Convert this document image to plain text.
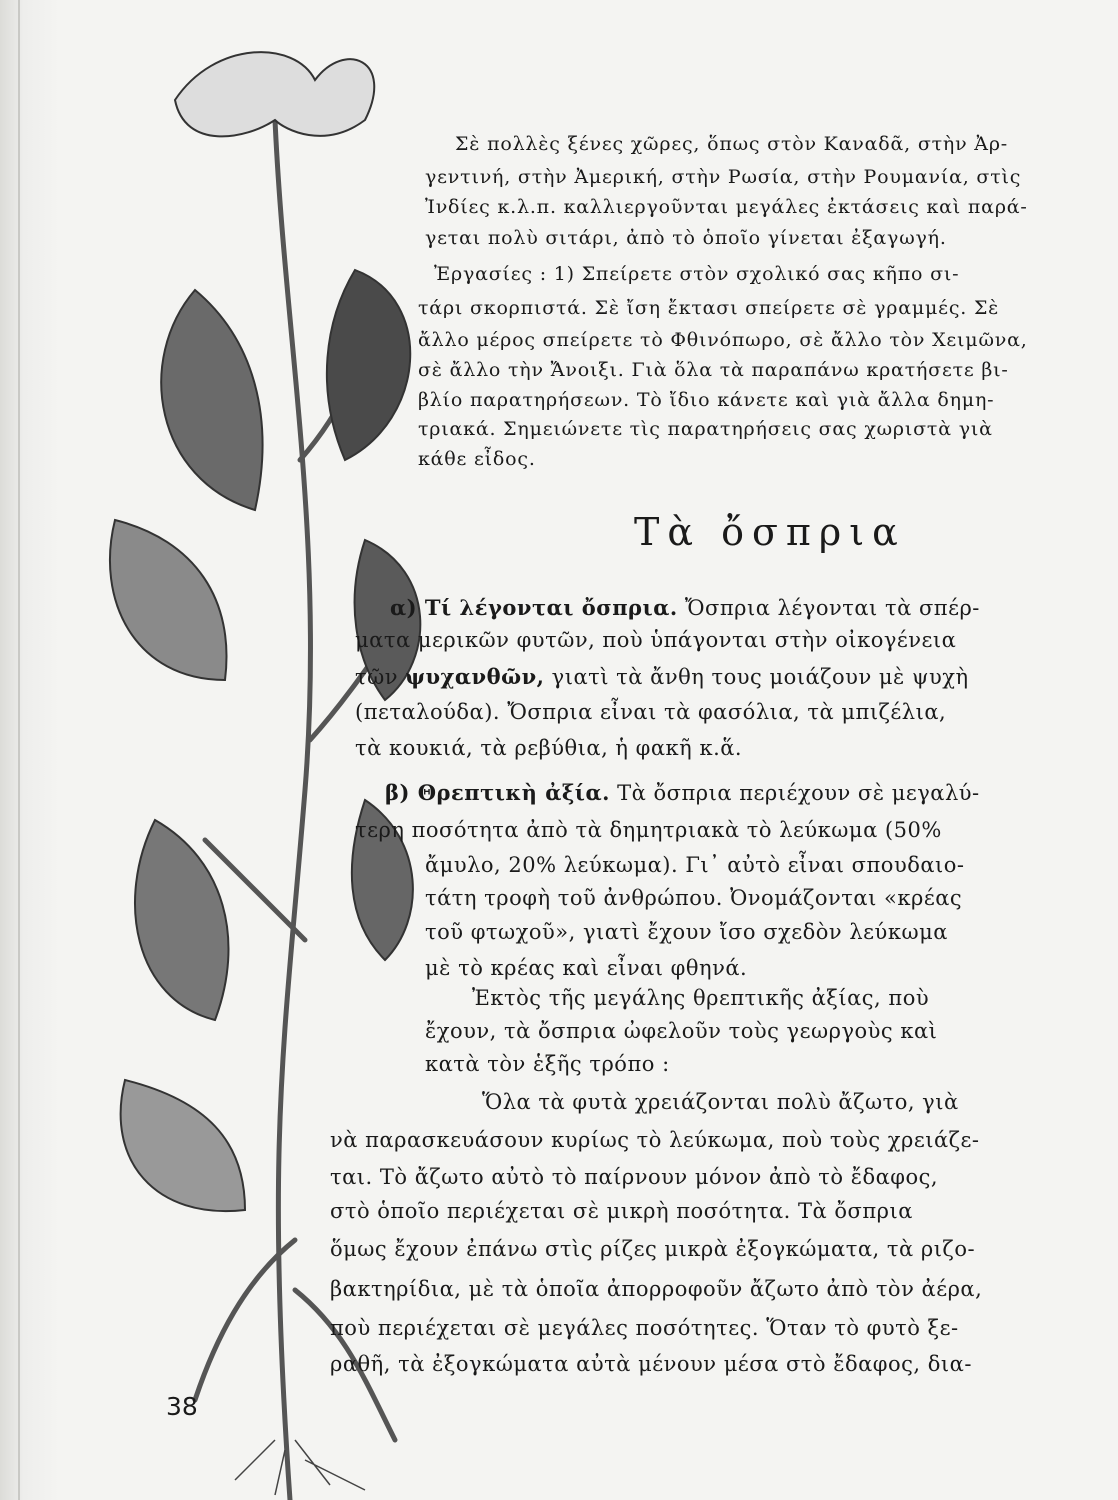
Σὲ πολλὲς ξένες χῶρες, ὅπως στὸν Καναδᾶ, στὴν Ἀρ-
γεντινή, στὴν Ἀμερική, στὴν Ρωσία, στὴν Ρουμανία, στὶς
Ἰνδίες κ.λ.π. καλλιεργοῦνται μεγάλες ἐκτάσεις καὶ παρά-
γεται πολὺ σιτάρι, ἀπὸ τὸ ὁποῖο γίνεται ἐξαγωγή.
Ἐργασίες : 1) Σπείρετε στὸν σχολικό σας κῆπο σι-
τάρι σκορπιστά. Σὲ ἴση ἔκτασι σπείρετε σὲ γραμμές. Σὲ
ἄλλο μέρος σπείρετε τὸ Φθινόπωρο, σὲ ἄλλο τὸν Χειμῶνα,
σὲ ἄλλο τὴν Ἄνοιξι. Γιὰ ὅλα τὰ παραπάνω κρατήσετε βι-
βλίο παρατηρήσεων. Τὸ ἴδιο κάνετε καὶ γιὰ ἄλλα δημη-
τριακά. Σημειώνετε τὶς παρατηρήσεις σας χωριστὰ γιὰ
κάθε εἶδος.
Τὰ ὄσπρια
α) Τί λέγονται ὄσπρια. Ὄσπρια λέγονται τὰ σπέρ-
ματα μερικῶν φυτῶν, ποὺ ὑπάγονται στὴν οἰκογένεια
τῶν ψυχανθῶν, γιατὶ τὰ ἄνθη τους μοιάζουν μὲ ψυχὴ
(πεταλούδα). Ὄσπρια εἶναι τὰ φασόλια, τὰ μπιζέλια,
τὰ κουκιά, τὰ ρεβύθια, ἡ φακῆ κ.ἅ.
β) Θρεπτικὴ ἀξία. Τὰ ὄσπρια περιέχουν σὲ μεγαλύ-
τερη ποσότητα ἀπὸ τὰ δημητριακὰ τὸ λεύκωμα (50%
ἄμυλο, 20% λεύκωμα). Γι᾽ αὐτὸ εἶναι σπουδαιο-
τάτη τροφὴ τοῦ ἀνθρώπου. Ὀνομάζονται «κρέας
τοῦ φτωχοῦ», γιατὶ ἔχουν ἴσο σχεδὸν λεύκωμα
μὲ τὸ κρέας καὶ εἶναι φθηνά.
Ἐκτὸς τῆς μεγάλης θρεπτικῆς ἀξίας, ποὺ
ἔχουν, τὰ ὄσπρια ὠφελοῦν τοὺς γεωργοὺς καὶ
κατὰ τὸν ἑξῆς τρόπο :
Ὅλα τὰ φυτὰ χρειάζονται πολὺ ἄζωτο, γιὰ
νὰ παρασκευάσουν κυρίως τὸ λεύκωμα, ποὺ τοὺς χρειάζε-
ται. Τὸ ἄζωτο αὐτὸ τὸ παίρνουν μόνον ἀπὸ τὸ ἔδαφος,
στὸ ὁποῖο περιέχεται σὲ μικρὴ ποσότητα. Τὰ ὄσπρια
ὅμως ἔχουν ἐπάνω στὶς ρίζες μικρὰ ἐξογκώματα, τὰ ριζο-
βακτηρίδια, μὲ τὰ ὁποῖα ἀπορροφοῦν ἄζωτο ἀπὸ τὸν ἀέρα,
ποὺ περιέχεται σὲ μεγάλες ποσότητες. Ὅταν τὸ φυτὸ ξε-
ραθῆ, τὰ ἐξογκώματα αὐτὰ μένουν μέσα στὸ ἔδαφος, δια-
38
